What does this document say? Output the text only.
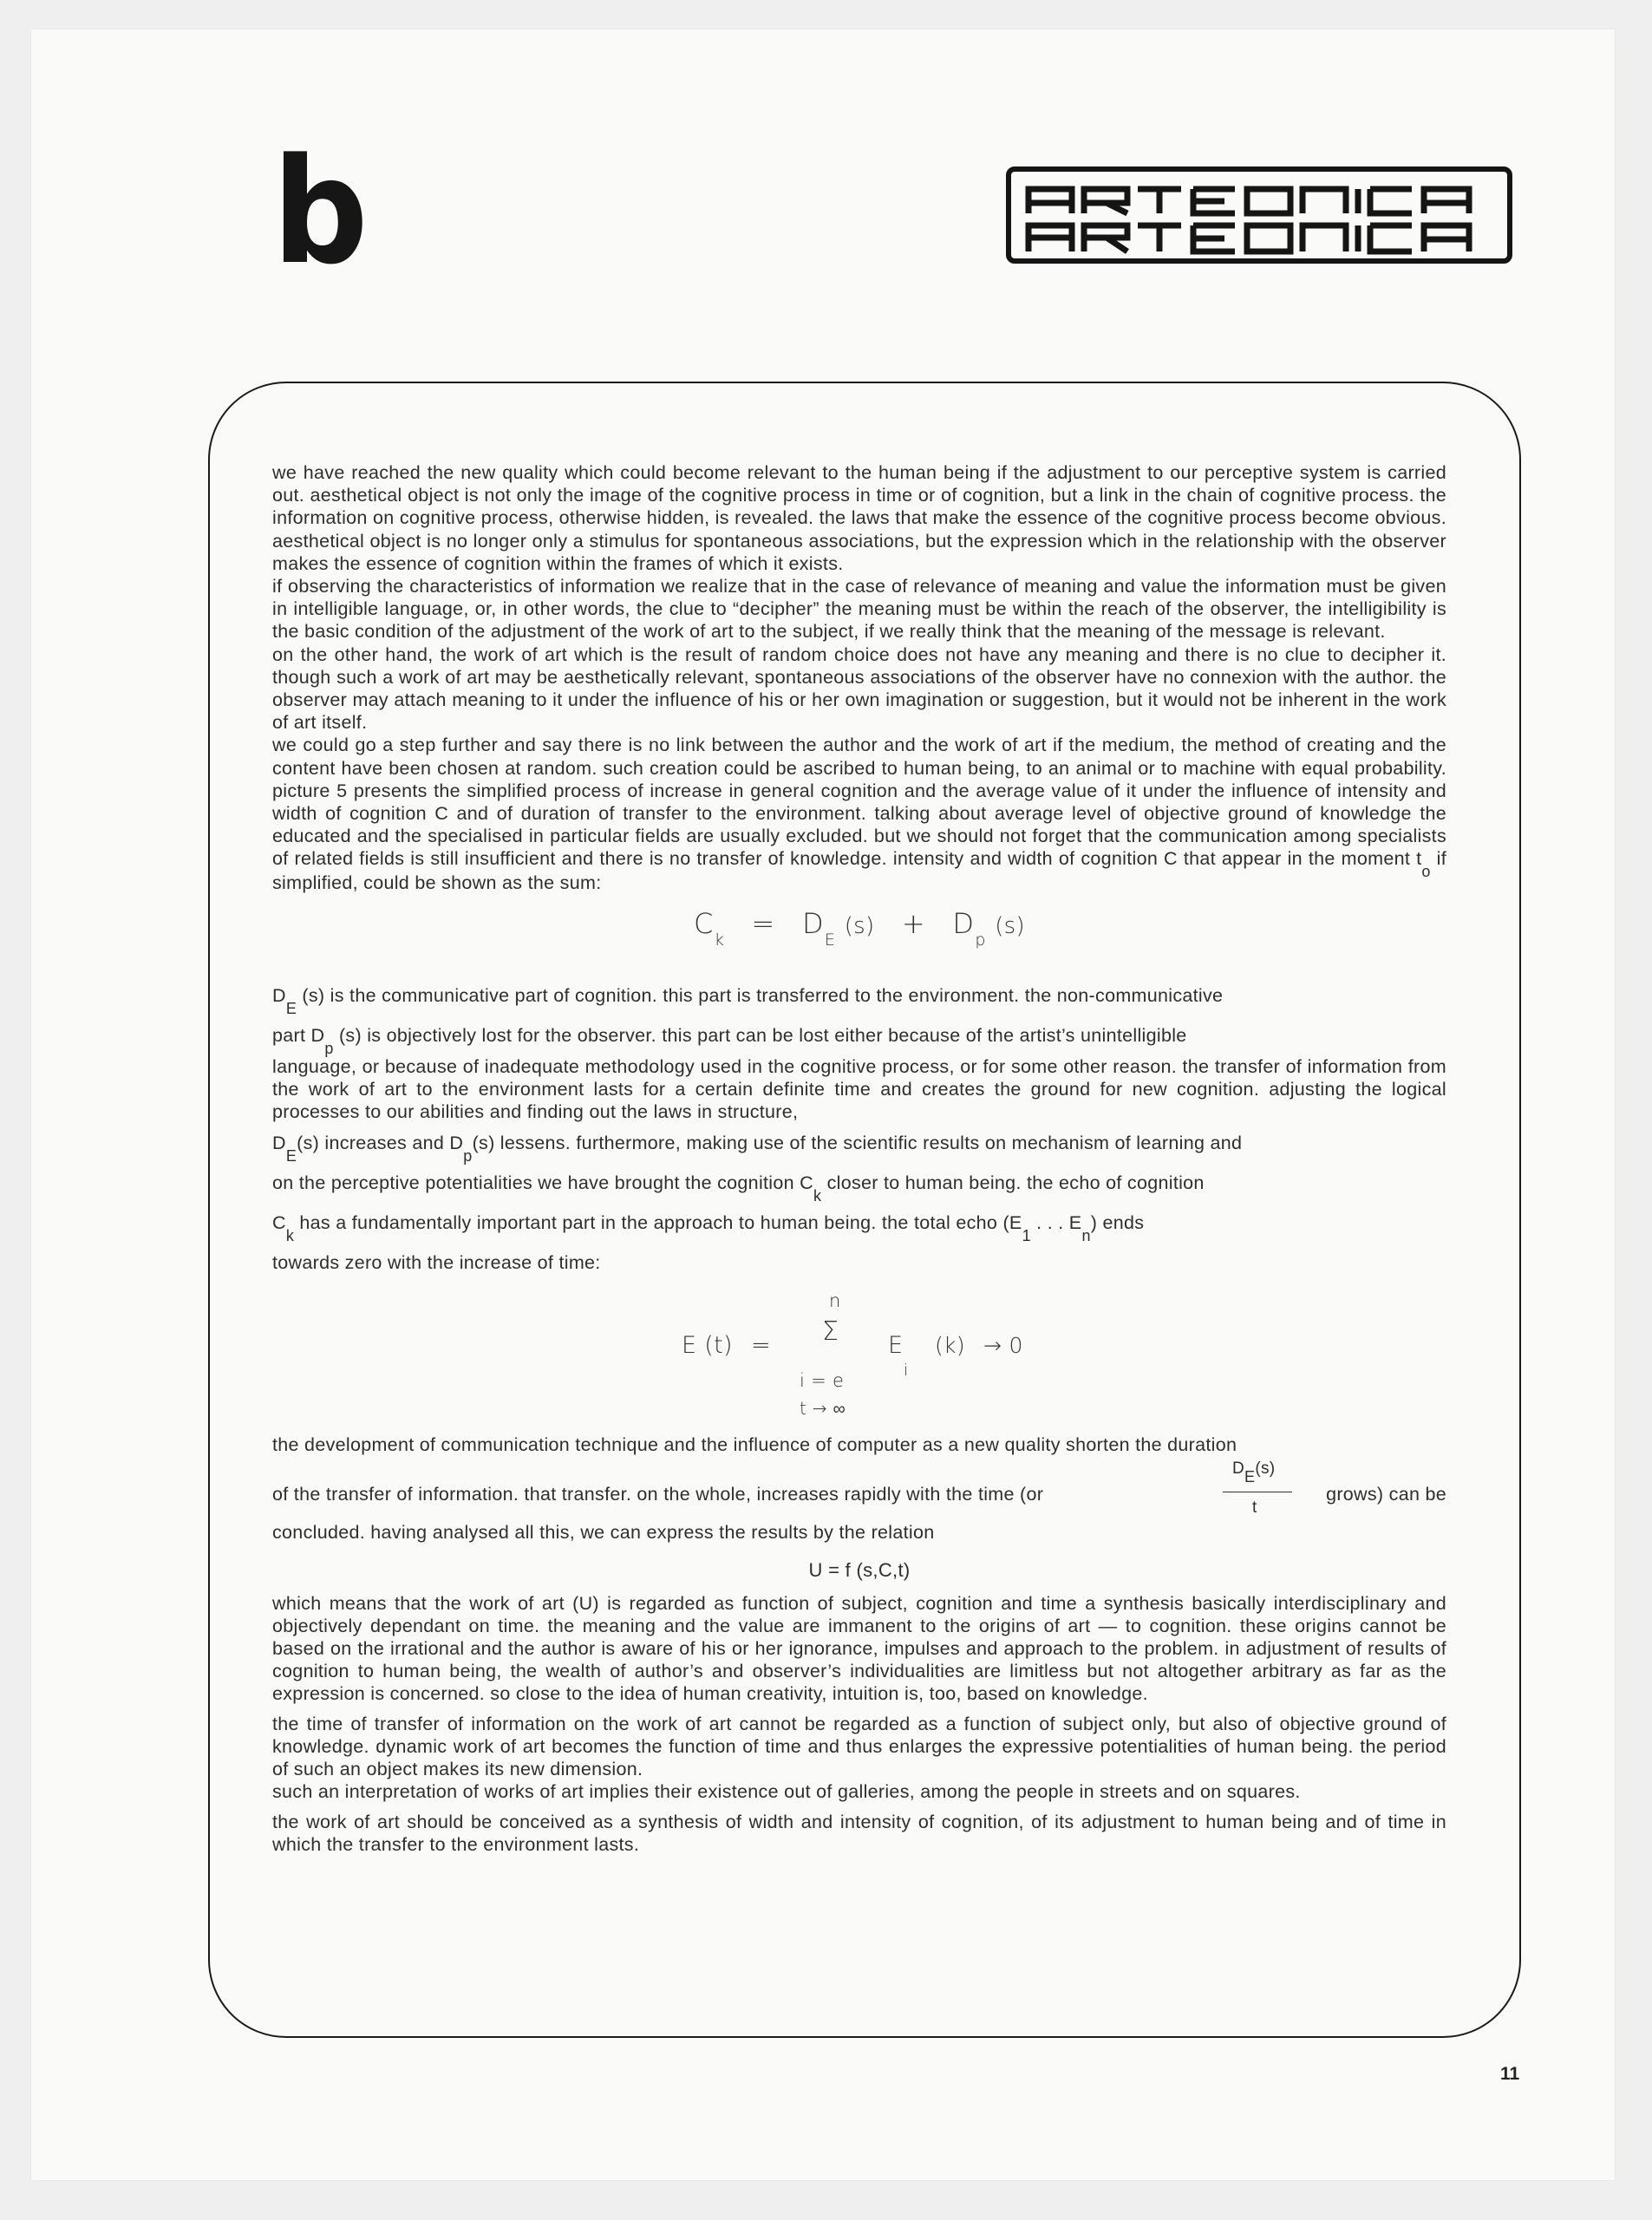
b	ARTEÓNICA

we have reached the new quality which could become relevant to the human being if the adjustment to our perceptive system is carried out. aesthetical object is not only the image of the cognitive process in time or of cognition, but a link in the chain of cognitive process. the information on cognitive process, otherwise hidden, is revealed. the laws that make the essence of the cognitive process become obvious. aesthetical object is no longer only a stimulus for spontaneous associations, but the expression which in the relationship with the observer makes the essence of cognition within the frames of which it exists.

if observing the characteristics of information we realize that in the case of relevance of meaning and value the information must be given in intelligible language, or, in other words, the clue to “decipher” the meaning must be within the reach of the observer, the intelligibility is the basic condition of the adjustment of the work of art to the subject, if we really think that the meaning of the message is relevant.

on the other hand, the work of art which is the result of random choice does not have any meaning and there is no clue to decipher it. though such a work of art may be aesthetically relevant, spontaneous associations of the observer have no connexion with the author. the observer may attach meaning to it under the influence of his or her own imagination or suggestion, but it would not be inherent in the work of art itself.

we could go a step further and say there is no link between the author and the work of art if the medium, the method of creating and the content have been chosen at random. such creation could be ascribed to human being, to an animal or to machine with equal probability. picture 5 presents the simplified process of increase in general cognition and the average value of it under the influence of intensity and width of cognition C and of duration of transfer to the environment. talking about average level of objective ground of knowledge the educated and the specialised in particular fields are usually excluded. but we should not forget that the communication among specialists of related fields is still insufficient and there is no transfer of knowledge. intensity and width of cognition C that appear in the moment $t_o$ if simplified, could be shown as the sum:

$C_k = D_E$ $(s) + D_p$ (s)

$D_E$ (s) is the communicative part of cognition. this part is transferred to the environment. the non-communicative

part $D_p$ (s) is objectively lost for the observer. this part can be lost either because of the artist’s unintelligible

language, or because of inadequate methodology used in the cognitive process, or for some other reason. the transfer of information from the work of art to the environment lasts for a certain definite time and creates the ground for new cognition. adjusting the logical processes to our abilities and finding out the laws in structure,

$D_E(s)$ increases and $D_p(s)$ lessens. furthermore, making use of the scientific results on mechanism of learning and

on the perceptive potentialities we have brought the cognition $C_k$ closer to human being. the echo of cognition

$C_k$ has a fundamentally important part in the approach to human being. the total echo ($E_1$ . . . $E_n$) ends

towards zero with the increase of time:

E (t) =
n
Σ
i = e
t → ∞
E
i
(k) → 0

the development of communication technique and the influence of computer as a new quality shorten the duration

of the transfer of information. that transfer. on the whole, increases rapidly with the time (or
DE(s)
t
grows) can be

concluded. having analysed all this, we can express the results by the relation

U = f (s,C,t)

which means that the work of art (U) is regarded as function of subject, cognition and time a synthesis basically interdisciplinary and objectively dependant on time. the meaning and the value are immanent to the origins of art — to cognition. these origins cannot be based on the irrational and the author is aware of his or her ignorance, impulses and approach to the problem. in adjustment of results of cognition to human being, the wealth of author’s and observer’s individualities are limitless but not altogether arbitrary as far as the expression is concerned. so close to the idea of human creativity, intuition is, too, based on knowledge.

the time of transfer of information on the work of art cannot be regarded as a function of subject only, but also of objective ground of knowledge. dynamic work of art becomes the function of time and thus enlarges the expressive potentialities of human being. the period of such an object makes its new dimension.

such an interpretation of works of art implies their existence out of galleries, among the people in streets and on squares.

the work of art should be conceived as a synthesis of width and intensity of cognition, of its adjustment to human being and of time in which the transfer to the environment lasts.

11
